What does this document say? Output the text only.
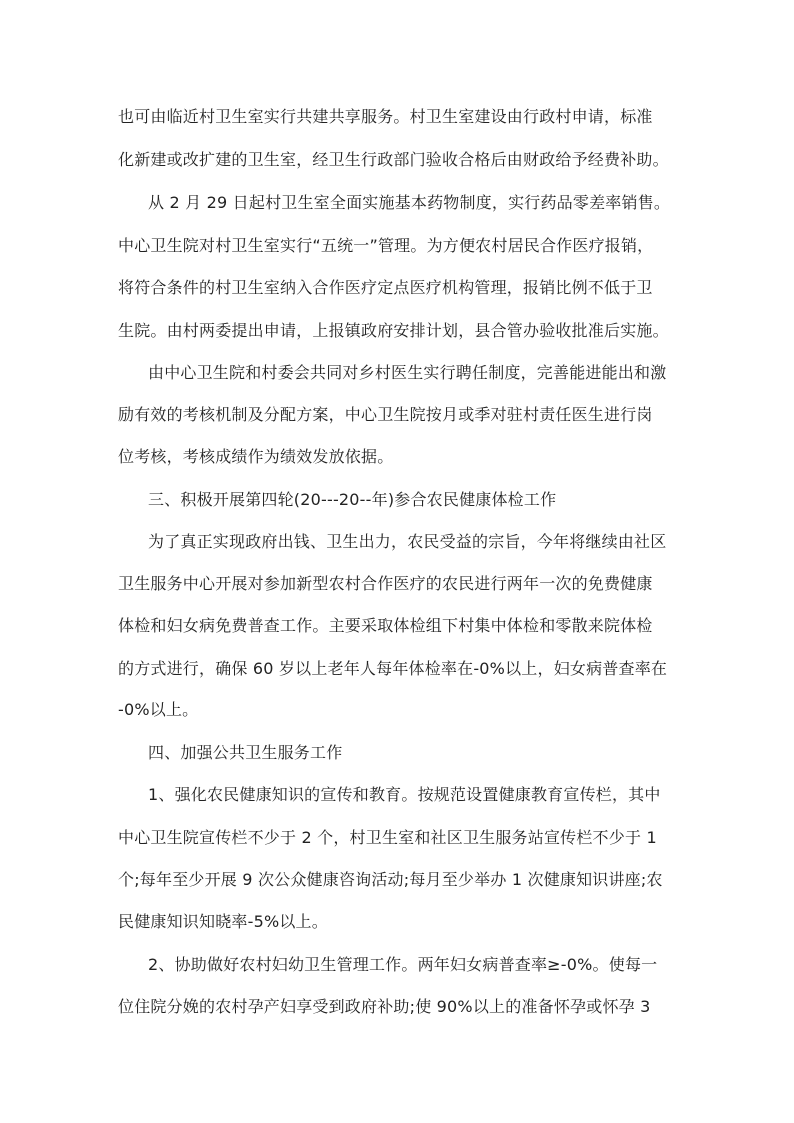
也可由临近村卫生室实行共建共享服务。村卫生室建设由行政村申请，标准
化新建或改扩建的卫生室，经卫生行政部门验收合格后由财政给予经费补助。
从 2 月 29 日起村卫生室全面实施基本药物制度，实行药品零差率销售。
中心卫生院对村卫生室实行“五统一”管理。为方便农村居民合作医疗报销，
将符合条件的村卫生室纳入合作医疗定点医疗机构管理，报销比例不低于卫
生院。由村两委提出申请，上报镇政府安排计划，县合管办验收批准后实施。
由中心卫生院和村委会共同对乡村医生实行聘任制度，完善能进能出和激
励有效的考核机制及分配方案，中心卫生院按月或季对驻村责任医生进行岗
位考核，考核成绩作为绩效发放依据。
三、积极开展第四轮(20---20--年)参合农民健康体检工作
为了真正实现政府出钱、卫生出力，农民受益的宗旨，今年将继续由社区
卫生服务中心开展对参加新型农村合作医疗的农民进行两年一次的免费健康
体检和妇女病免费普查工作。主要采取体检组下村集中体检和零散来院体检
的方式进行，确保 60 岁以上老年人每年体检率在-0%以上，妇女病普查率在
-0%以上。
四、加强公共卫生服务工作
1、强化农民健康知识的宣传和教育。按规范设置健康教育宣传栏，其中
中心卫生院宣传栏不少于 2 个，村卫生室和社区卫生服务站宣传栏不少于 1
个;每年至少开展 9 次公众健康咨询活动;每月至少举办 1 次健康知识讲座;农
民健康知识知晓率-5%以上。
2、协助做好农村妇幼卫生管理工作。两年妇女病普查率≥-0%。使每一
位住院分娩的农村孕产妇享受到政府补助;使 90%以上的准备怀孕或怀孕 3
